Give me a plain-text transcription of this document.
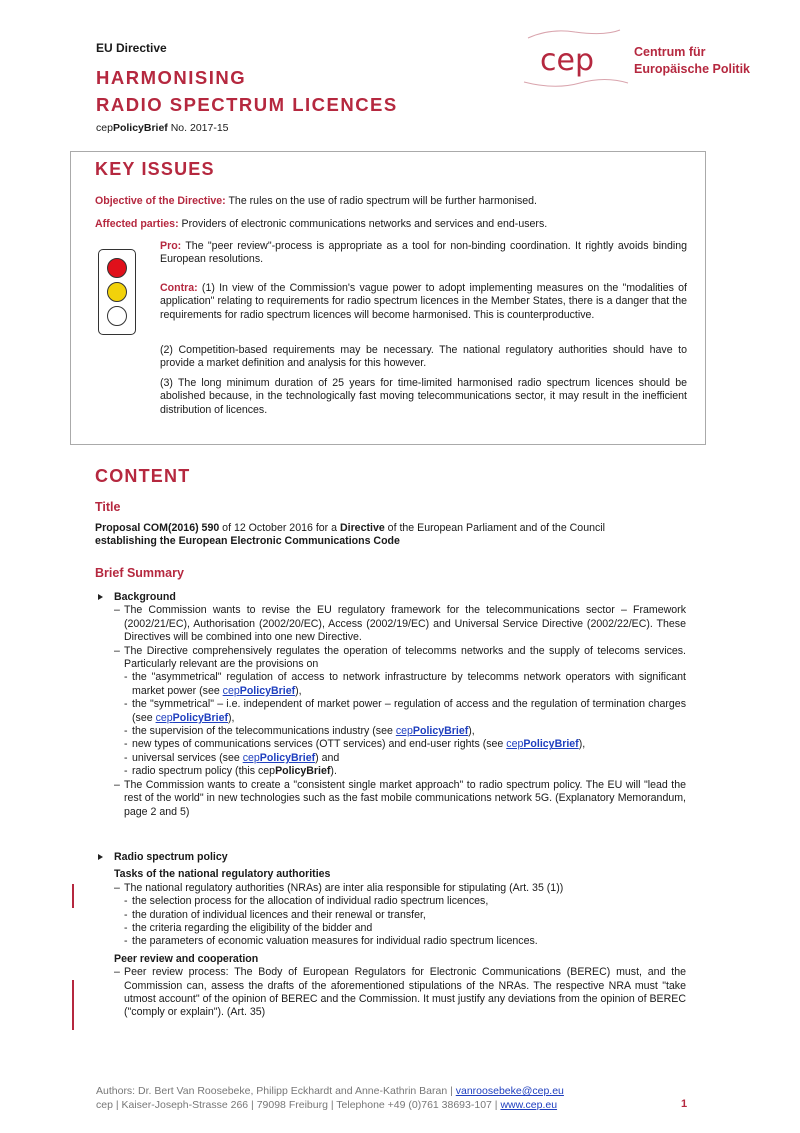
EU Directive
HARMONISING
RADIO SPECTRUM LICENCES
cepPolicyBrief No. 2017-15
cep	Centrum für
Europäische Politik
KEY ISSUES

Objective of the Directive: The rules on the use of radio spectrum will be further harmonised.

Affected parties: Providers of electronic communications networks and services and end-users.

Pro: The "peer review"-process is appropriate as a tool for non-binding coordination. It rightly avoids binding European resolutions.

Contra: (1) In view of the Commission's vague power to adopt implementing measures on the "modalities of application" relating to requirements for radio spectrum licences in the Member States, there is a danger that the requirements for radio spectrum licences will become harmonised. This is counterproductive.

(2) Competition-based requirements may be necessary. The national regulatory authorities should have to provide a market definition and analysis for this however.

(3) The long minimum duration of 25 years for time-limited harmonised radio spectrum licences should be abolished because, in the technologically fast moving telecommunications sector, it may result in the inefficient distribution of licences.

CONTENT
Title

Proposal COM(2016) 590 of 12 October 2016 for a Directive of the European Parliament and of the Council
establishing the European Electronic Communications Code

Brief Summary
Background
– The Commission wants to revise the EU regulatory framework for the telecommunications sector – Framework (2002/21/EC), Authorisation (2002/20/EC), Access (2002/19/EC) and Universal Service Directive (2002/22/EC). These Directives will be combined into one new Directive.
– The Directive comprehensively regulates the operation of telecomms networks and the supply of telecoms services. Particularly relevant are the provisions on
- the "asymmetrical" regulation of access to network infrastructure by telecomms network operators with significant market power (see cepPolicyBrief),
- the "symmetrical" – i.e. independent of market power – regulation of access and the regulation of termination charges (see cepPolicyBrief),
- the supervision of the telecommunications industry (see cepPolicyBrief),
- new types of communications services (OTT services) and end-user rights (see cepPolicyBrief),
- universal services (see cepPolicyBrief) and
- radio spectrum policy (this cepPolicyBrief).
– The Commission wants to create a "consistent single market approach" to radio spectrum policy. The EU will "lead the rest of the world" in new technologies such as the fast mobile communications network 5G. (Explanatory Memorandum, page 2 and 5)
Radio spectrum policy
Tasks of the national regulatory authorities
– The national regulatory authorities (NRAs) are inter alia responsible for stipulating (Art. 35 (1))
- the selection process for the allocation of individual radio spectrum licences,
- the duration of individual licences and their renewal or transfer,
- the criteria regarding the eligibility of the bidder and
- the parameters of economic valuation measures for individual radio spectrum licences.
Peer review and cooperation
– Peer review process: The Body of European Regulators for Electronic Communications (BEREC) must, and the Commission can, assess the drafts of the aforementioned stipulations of the NRAs. The respective NRA must "take utmost account" of the opinion of BEREC and the Commission. It must justify any deviations from the opinion of BEREC ("comply or explain"). (Art. 35)
Authors: Dr. Bert Van Roosebeke, Philipp Eckhardt and Anne-Kathrin Baran | vanroosebeke@cep.eu
cep | Kaiser-Joseph-Strasse 266 | 79098 Freiburg | Telephone +49 (0)761 38693-107 | www.cep.eu	1
